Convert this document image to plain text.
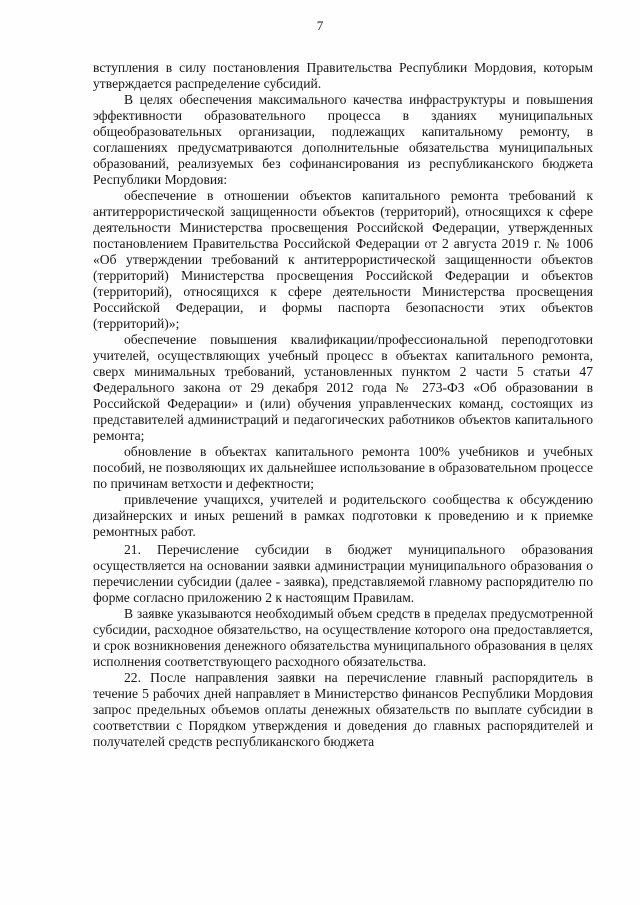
7

вступления в силу постановления Правительства Республики Мордовия, которым утверждается распределение субсидий.

В целях обеспечения максимального качества инфраструктуры и повышения эффективности образовательного процесса в зданиях муниципальных общеобразовательных организации, подлежащих капитальному ремонту, в соглашениях предусматриваются дополнительные обязательства муниципальных образований, реализуемых без софинансирования из республиканского бюджета Республики Мордовия:

обеспечение в отношении объектов капитального ремонта требований к антитеррористической защищенности объектов (территорий), относящихся к сфере деятельности Министерства просвещения Российской Федерации, утвержденных постановлением Правительства Российской Федерации от 2 августа 2019 г. № 1006 «Об утверждении требований к антитеррористической защищенности объектов (территорий) Министерства просвещения Российской Федерации и объектов (территорий), относящихся к сфере деятельности Министерства просвещения Российской Федерации, и формы паспорта безопасности этих объектов (территорий)»;

обеспечение повышения квалификации/профессиональной переподготовки учителей, осуществляющих учебный процесс в объектах капитального ремонта, сверх минимальных требований, установленных пунктом 2 части 5 статьи 47 Федерального закона от 29 декабря 2012 года № 273-ФЗ «Об образовании в Российской Федерации» и (или) обучения управленческих команд, состоящих из представителей администраций и педагогических работников объектов капитального ремонта;

обновление в объектах капитального ремонта 100% учебников и учебных пособий, не позволяющих их дальнейшее использование в образовательном процессе по причинам ветхости и дефектности;

привлечение учащихся, учителей и родительского сообщества к обсуждению дизайнерских и иных решений в рамках подготовки к проведению и к приемке ремонтных работ.

21. Перечисление субсидии в бюджет муниципального образования осуществляется на основании заявки администрации муниципального образования о перечислении субсидии (далее - заявка), представляемой главному распорядителю по форме согласно приложению 2 к настоящим Правилам.

В заявке указываются необходимый объем средств в пределах предусмотренной субсидии, расходное обязательство, на осуществление которого она предоставляется, и срок возникновения денежного обязательства муниципального образования в целях исполнения соответствующего расходного обязательства.

22. После направления заявки на перечисление главный распорядитель в течение 5 рабочих дней направляет в Министерство финансов Республики Мордовия запрос предельных объемов оплаты денежных обязательств по выплате субсидии в соответствии с Порядком утверждения и доведения до главных распорядителей и получателей средств республиканского бюджета
